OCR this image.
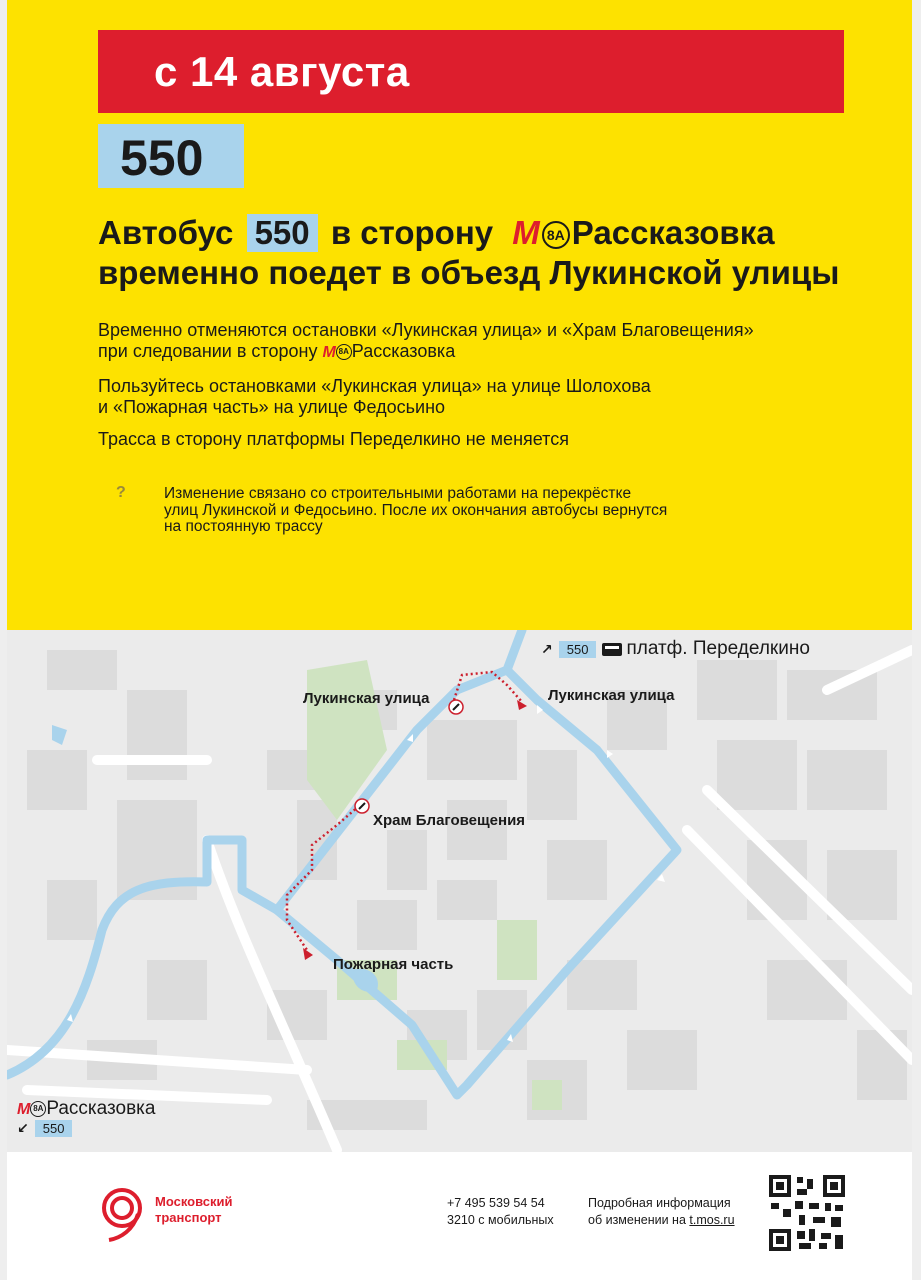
с 14 августа
550
Автобус 550 в сторону M 8А Рассказовка
временно поедет в объезд Лукинской улицы
Временно отменяются остановки «Лукинская улица» и «Храм Благовещения»
при следовании в сторону M 8А Рассказовка
Пользуйтесь остановками «Лукинская улица» на улице Шолохова
и «Пожарная часть» на улице Федосьино
Трасса в сторону платформы Переделкино не меняется
? Изменение связано со строительными работами на перекрёстке
улиц Лукинской и Федосьино. После их окончания автобусы вернутся
на постоянную трассу
Лукинская улица	Лукинская улица
Храм Благовещения
Пожарная часть
↗	550	платф. Переделкино
M 8А Рассказовка
↙	550
Московский
транспорт
+7 495 539 54 54
3210 с мобильных
Подробная информация
об изменении на t.mos.ru
